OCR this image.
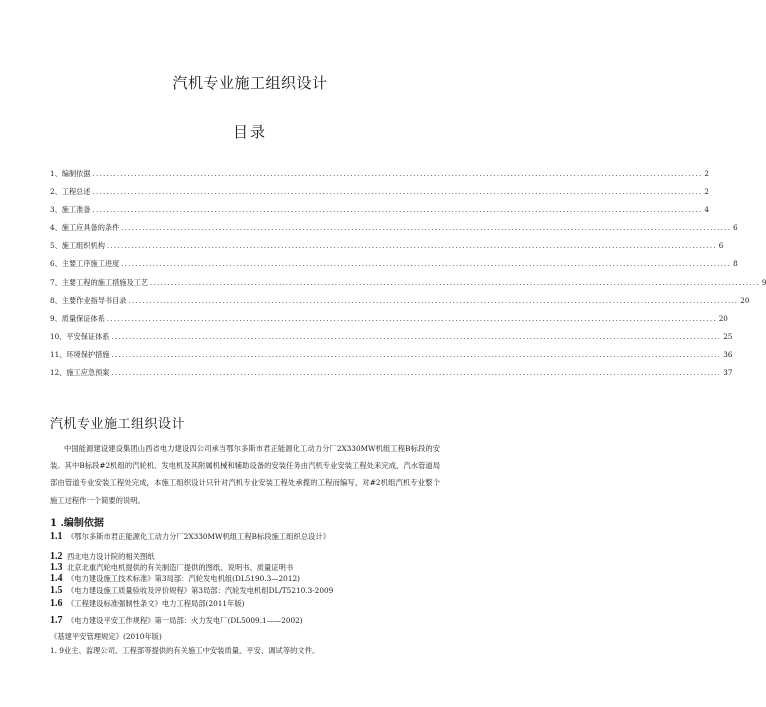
汽机专业施工组织设计
目录
1、编制依据 ............................................................................................................................................................................... 2
2、工程总述 ............................................................................................................................................................................... 2
3、施工准备 ............................................................................................................................................................................... 4
4、施工应具备的条件 ............................................................................................................................................................................... 6
5、施工组织机构 ............................................................................................................................................................................... 6
6、主要工序施工进度 ............................................................................................................................................................................... 8
7、主要工程的施工措施及工艺 ............................................................................................................................................................................... 9
8、主要作业指导书目录 ............................................................................................................................................................................... 20
9、质量保证体系 ............................................................................................................................................................................... 20
10、平安保证体系 ............................................................................................................................................................................... 25
11、环境保护措施 ............................................................................................................................................................................... 36
12、施工应急预案 ............................................................................................................................................................................... 37
汽机专业施工组织设计
中国能源建设建设集团山西省电力建设四公司承当鄂尔多斯市君正能源化工动力分厂2X330MW机组工程B标段的安装。其中B标段#2机组的汽轮机、发电机及其附属机械和辅助设备的安装任务由汽机专业安装工程处来完成，汽水管道局部由管道专业安装工程处完成，本施工组织设计只针对汽机专业安装工程处承揽的工程而编写，对#2机组汽机专业整个施工过程作一个简要的说明。
1 .编制依据
1.1 《鄂尔多斯市君正能源化工动力分厂2X330MW机组工程B标段施工组织总设计》
1.2 西北电力设计院的相关图纸
1.3 北京北重汽轮电机提供的有关制造厂提供的图纸、说明书、质量证明书
1.4 《电力建设施工技术标准》第3局部：汽轮发电机组(DL5190.3—2012)
1.5 《电力建设施工质量验收及评价规程》第3局部：汽轮发电机组DL/T5210.3-2009
1.6 《工程建设标准强制性条文》电力工程局部(2011年版)
1.7 《电力建设平安工作规程》第一局部：火力发电厂(DL5009.1——2002)
《基建平安管理规定》(2010年版)
1. 9业主、监理公司、工程部等提供的有关施工中安装质量、平安、调试等的文件。
